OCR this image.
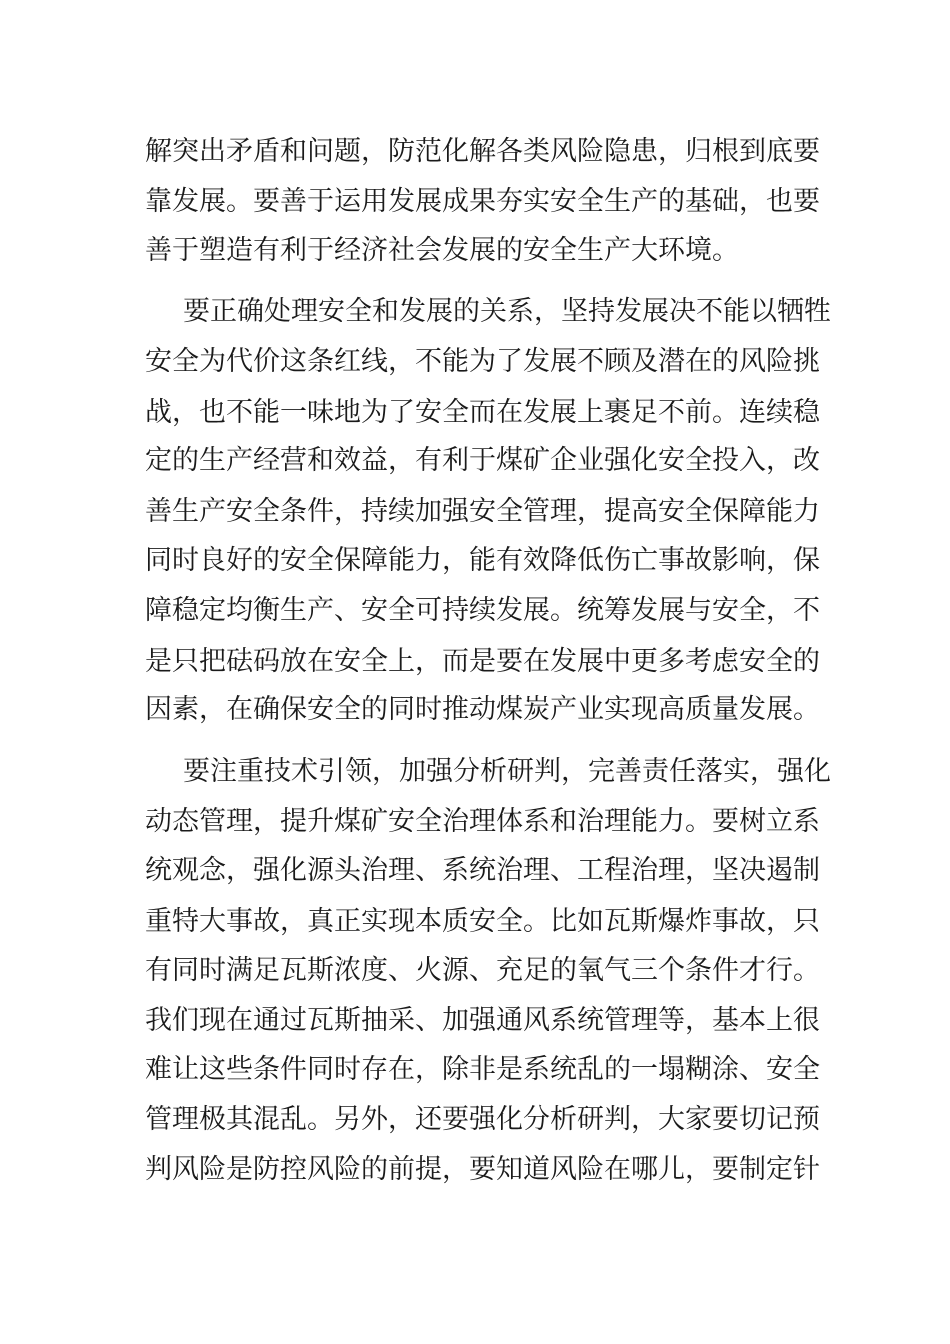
解突出矛盾和问题，防范化解各类风险隐患，归根到底要
靠发展。要善于运用发展成果夯实安全生产的基础，也要
善于塑造有利于经济社会发展的安全生产大环境。
要正确处理安全和发展的关系，坚持发展决不能以牺牲
安全为代价这条红线，不能为了发展不顾及潜在的风险挑
战，也不能一味地为了安全而在发展上裹足不前。连续稳
定的生产经营和效益，有利于煤矿企业强化安全投入，改
善生产安全条件，持续加强安全管理，提高安全保障能力
同时良好的安全保障能力，能有效降低伤亡事故影响，保
障稳定均衡生产、安全可持续发展。统筹发展与安全，不
是只把砝码放在安全上，而是要在发展中更多考虑安全的
因素，在确保安全的同时推动煤炭产业实现高质量发展。
要注重技术引领，加强分析研判，完善责任落实，强化
动态管理，提升煤矿安全治理体系和治理能力。要树立系
统观念，强化源头治理、系统治理、工程治理，坚决遏制
重特大事故，真正实现本质安全。比如瓦斯爆炸事故，只
有同时满足瓦斯浓度、火源、充足的氧气三个条件才行。
我们现在通过瓦斯抽采、加强通风系统管理等，基本上很
难让这些条件同时存在，除非是系统乱的一塌糊涂、安全
管理极其混乱。另外，还要强化分析研判，大家要切记预
判风险是防控风险的前提，要知道风险在哪儿，要制定针
